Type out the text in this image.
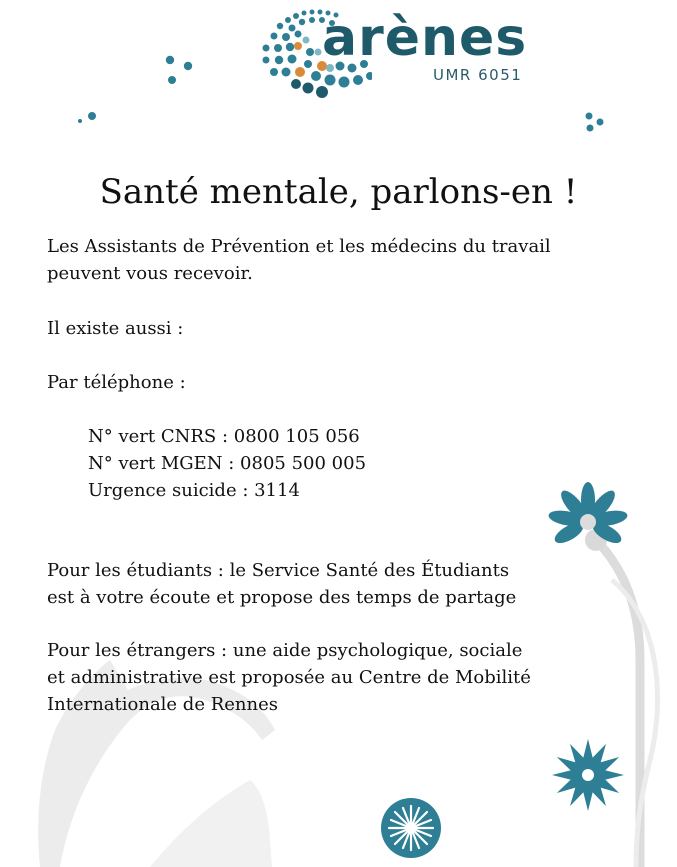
arènes
UMR 6051
Santé mentale, parlons-en !

Les Assistants de Prévention et les médecins du travail
peuvent vous recevoir.

Il existe aussi :

Par téléphone :

N° vert CNRS : 0800 105 056
N° vert MGEN : 0805 500 005
Urgence suicide : 3114

Pour les étudiants : le Service Santé des Étudiants
est à votre écoute et propose des temps de partage

Pour les étrangers : une aide psychologique, sociale
et administrative est proposée au Centre de Mobilité
Internationale de Rennes
